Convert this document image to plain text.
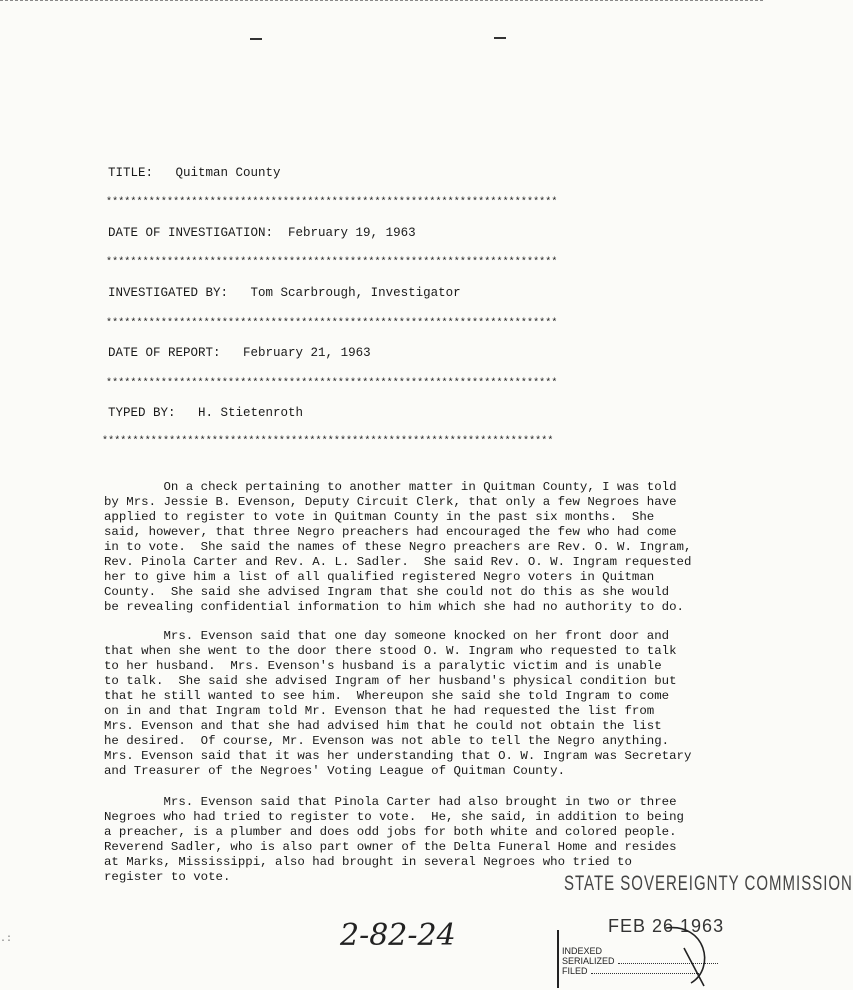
TITLE: Quitman County
**************************************************************************
DATE OF INVESTIGATION: February 19, 1963
**************************************************************************
INVESTIGATED BY: Tom Scarbrough, Investigator
**************************************************************************
DATE OF REPORT: February 21, 1963
**************************************************************************
TYPED BY: H. Stietenroth
**************************************************************************
On a check pertaining to another matter in Quitman County, I was told
by Mrs. Jessie B. Evenson, Deputy Circuit Clerk, that only a few Negroes have
applied to register to vote in Quitman County in the past six months.  She
said, however, that three Negro preachers had encouraged the few who had come
in to vote.  She said the names of these Negro preachers are Rev. O. W. Ingram,
Rev. Pinola Carter and Rev. A. L. Sadler.  She said Rev. O. W. Ingram requested
her to give him a list of all qualified registered Negro voters in Quitman
County.  She said she advised Ingram that she could not do this as she would
be revealing confidential information to him which she had no authority to do.
Mrs. Evenson said that one day someone knocked on her front door and
that when she went to the door there stood O. W. Ingram who requested to talk
to her husband.  Mrs. Evenson's husband is a paralytic victim and is unable
to talk.  She said she advised Ingram of her husband's physical condition but
that he still wanted to see him.  Whereupon she said she told Ingram to come
on in and that Ingram told Mr. Evenson that he had requested the list from
Mrs. Evenson and that she had advised him that he could not obtain the list
he desired.  Of course, Mr. Evenson was not able to tell the Negro anything.
Mrs. Evenson said that it was her understanding that O. W. Ingram was Secretary
and Treasurer of the Negroes' Voting League of Quitman County.
Mrs. Evenson said that Pinola Carter had also brought in two or three
Negroes who had tried to register to vote.  He, she said, in addition to being
a preacher, is a plumber and does odd jobs for both white and colored people.
Reverend Sadler, who is also part owner of the Delta Funeral Home and resides
at Marks, Mississippi, also had brought in several Negroes who tried to
register to vote.
2-82-24
STATE SOVEREIGNTY COMMISSION
FEB 26 1963
INDEXED
SERIALIZED
FILED
.:
